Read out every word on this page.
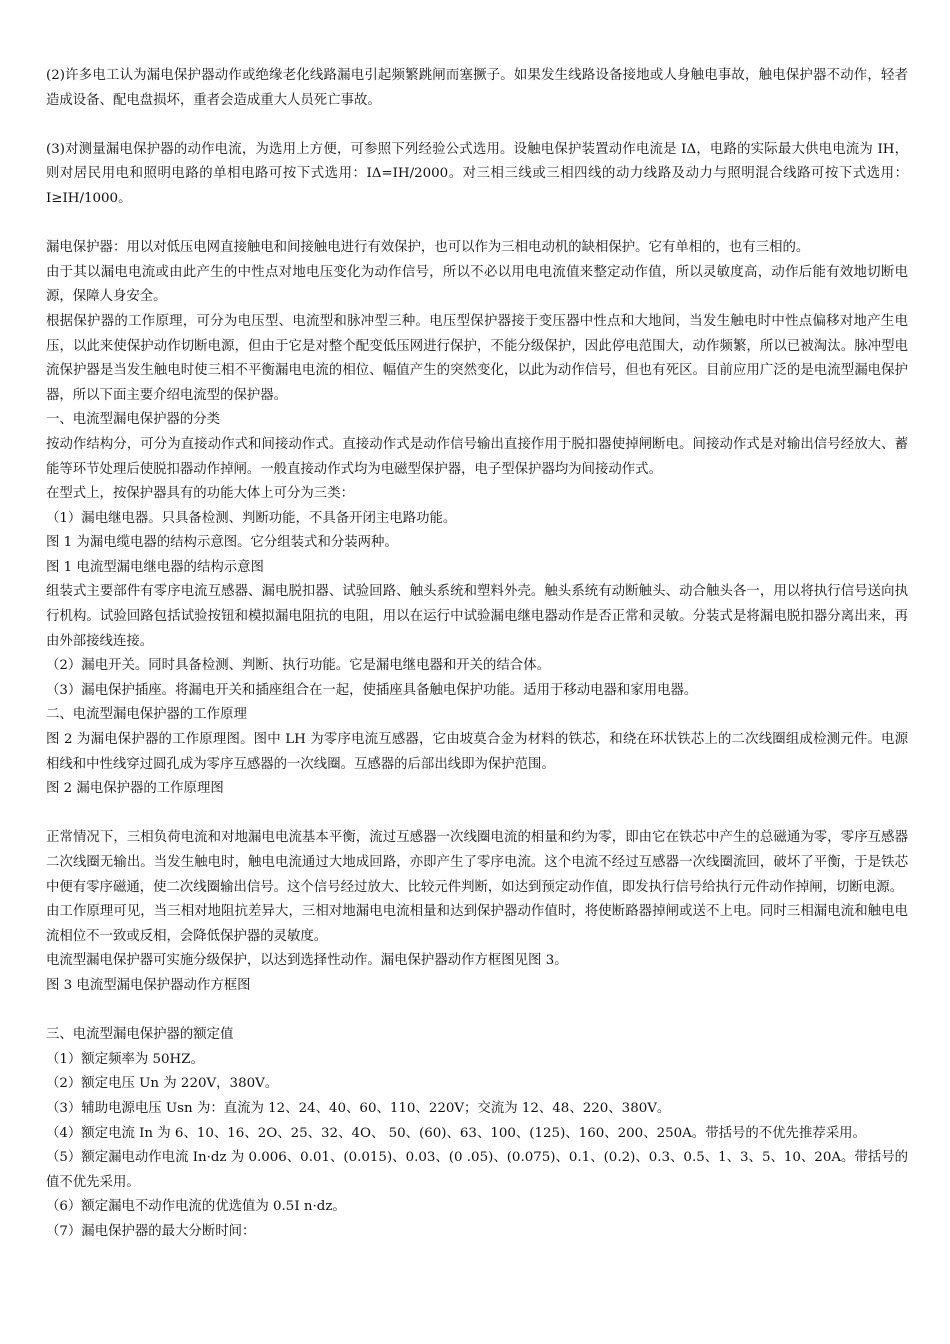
(2)许多电工认为漏电保护器动作或绝缘老化线路漏电引起频繁跳闸而塞撅子。如果发生线路设备接地或人身触电事故，触电保护器不动作，轻者造成设备、配电盘损坏，重者会造成重大人员死亡事故。

(3)对测量漏电保护器的动作电流，为选用上方便，可参照下列经验公式选用。设触电保护装置动作电流是 IΔ，电路的实际最大供电电流为 IH，则对居民用电和照明电路的单相电路可按下式选用：IΔ=IH/2000。对三相三线或三相四线的动力线路及动力与照明混合线路可按下式选用：I≥IH/1000。

漏电保护器：用以对低压电网直接触电和间接触电进行有效保护，也可以作为三相电动机的缺相保护。它有单相的，也有三相的。

由于其以漏电电流或由此产生的中性点对地电压变化为动作信号，所以不必以用电电流值来整定动作值，所以灵敏度高，动作后能有效地切断电源，保障人身安全。

根据保护器的工作原理，可分为电压型、电流型和脉冲型三种。电压型保护器接于变压器中性点和大地间，当发生触电时中性点偏移对地产生电压，以此来使保护动作切断电源，但由于它是对整个配变低压网进行保护，不能分级保护，因此停电范围大，动作频繁，所以已被淘汰。脉冲型电流保护器是当发生触电时使三相不平衡漏电电流的相位、幅值产生的突然变化，以此为动作信号，但也有死区。目前应用广泛的是电流型漏电保护器，所以下面主要介绍电流型的保护器。

一、电流型漏电保护器的分类

按动作结构分，可分为直接动作式和间接动作式。直接动作式是动作信号输出直接作用于脱扣器使掉闸断电。间接动作式是对输出信号经放大、蓄能等环节处理后使脱扣器动作掉闸。一般直接动作式均为电磁型保护器，电子型保护器均为间接动作式。

在型式上，按保护器具有的功能大体上可分为三类：

（1）漏电继电器。只具备检测、判断功能，不具备开闭主电路功能。

图 1 为漏电缆电器的结构示意图。它分组装式和分装两种。

图 1 电流型漏电继电器的结构示意图

组装式主要部件有零序电流互感器、漏电脱扣器、试验回路、触头系统和塑料外壳。触头系统有动断触头、动合触头各一，用以将执行信号送向执行机构。试验回路包括试验按钮和模拟漏电阻抗的电阻，用以在运行中试验漏电继电器动作是否正常和灵敏。分装式是将漏电脱扣器分离出来，再由外部接线连接。

（2）漏电开关。同时具备检测、判断、执行功能。它是漏电继电器和开关的结合体。

（3）漏电保护插座。将漏电开关和插座组合在一起，使插座具备触电保护功能。适用于移动电器和家用电器。

二、电流型漏电保护器的工作原理

图 2 为漏电保护器的工作原理图。图中 LH 为零序电流互感器，它由坡莫合金为材料的铁芯，和绕在环状铁芯上的二次线圈组成检测元件。电源相线和中性线穿过圆孔成为零序互感器的一次线圈。互感器的后部出线即为保护范围。

图 2 漏电保护器的工作原理图

正常情况下，三相负荷电流和对地漏电电流基本平衡，流过互感器一次线圈电流的相量和约为零，即由它在铁芯中产生的总磁通为零，零序互感器二次线圈无输出。当发生触电时，触电电流通过大地成回路，亦即产生了零序电流。这个电流不经过互感器一次线圈流回，破坏了平衡，于是铁芯中便有零序磁通，使二次线圈输出信号。这个信号经过放大、比较元件判断，如达到预定动作值，即发执行信号给执行元件动作掉闸，切断电源。

由工作原理可见，当三相对地阻抗差异大，三相对地漏电电流相量和达到保护器动作值时，将使断路器掉闸或送不上电。同时三相漏电流和触电电流相位不一致或反相，会降低保护器的灵敏度。

电流型漏电保护器可实施分级保护，以达到选择性动作。漏电保护器动作方框图见图 3。

图 3 电流型漏电保护器动作方框图

三、电流型漏电保护器的额定值

（1）额定频率为 50HZ。

（2）额定电压 Un 为 220V，380V。

（3）辅助电源电压 Usn 为：直流为 12、24、40、60、110、220V；交流为 12、48、220、380V。

（4）额定电流 In 为 6、10、16、2O、25、32、4O、 50、(60)、63、100、(125)、160、200、250A。带括号的不优先推荐采用。

（5）额定漏电动作电流 In·dz 为 0.006、0.01、(0.015)、0.03、(0 .05)、(0.075)、0.1、(0.2)、0.3、0.5、1、3、5、10、20A。带括号的值不优先采用。

（6）额定漏电不动作电流的优选值为 0.5I n·dz。

（7）漏电保护器的最大分断时间：
